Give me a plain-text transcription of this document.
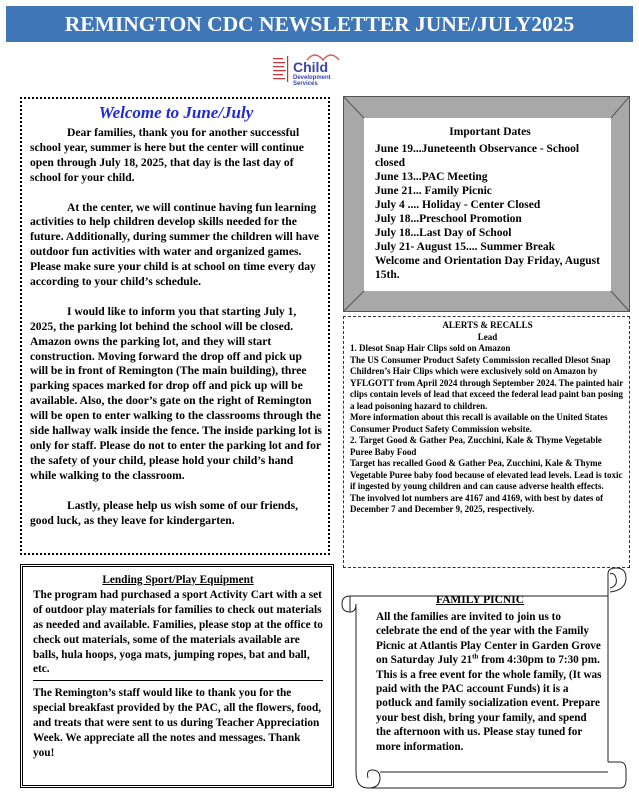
REMINGTON CDC NEWSLETTER JUNE/JULY2025
Child
Development
Services
Welcome to June/July

Dear families, thank you for another successful school year, summer is here but the center will continue open through July 18, 2025, that day is the last day of school for your child.

At the center, we will continue having fun learning activities to help children develop skills needed for the future. Additionally, during summer the children will have outdoor fun activities with water and organized games. Please make sure your child is at school on time every day according to your child’s schedule.

I would like to inform you that starting July 1, 2025, the parking lot behind the school will be closed. Amazon owns the parking lot, and they will start construction. Moving forward the drop off and pick up will be in front of Remington (The main building), three parking spaces marked for drop off and pick up will be available. Also, the door’s gate on the right of Remington will be open to enter walking to the classrooms through the side hallway walk inside the fence. The inside parking lot is only for staff. Please do not to enter the parking lot and for the safety of your child, please hold your child’s hand while walking to the classroom.

Lastly, please help us wish some of our friends, good luck, as they leave for kindergarten.

Important Dates
June 19...Juneteenth Observance - School closed
June 13...PAC Meeting
June 21... Family Picnic
July 4 .... Holiday - Center Closed
July 18...Preschool Promotion
July 18...Last Day of School
July 21- August 15.... Summer Break
Welcome and Orientation Day Friday, August 15th.
ALERTS & RECALLS
Lead
1. Dlesot Snap Hair Clips sold on Amazon
The US Consumer Product Safety Commission recalled Dlesot Snap Children’s Hair Clips which were exclusively sold on Amazon by YFLGOTT from April 2024 through September 2024. The painted hair clips contain levels of lead that exceed the federal lead paint ban posing a lead poisoning hazard to children.
More information about this recall is available on the United States Consumer Product Safety Commission website.
2. Target Good & Gather Pea, Zucchini, Kale & Thyme Vegetable Puree Baby Food
Target has recalled Good & Gather Pea, Zucchini, Kale & Thyme Vegetable Puree baby food because of elevated lead levels. Lead is toxic if ingested by young children and can cause adverse health effects.
The involved lot numbers are 4167 and 4169, with best by dates of December 7 and December 9, 2025, respectively.
Lending Sport/Play Equipment
The program had purchased a sport Activity Cart with a set of outdoor play materials for families to check out materials as needed and available. Families, please stop at the office to check out materials, some of the materials available are balls, hula hoops, yoga mats, jumping ropes, bat and ball, etc.
The Remington’s staff would like to thank you for the special breakfast provided by the PAC, all the flowers, food, and treats that were sent to us during Teacher Appreciation Week. We appreciate all the notes and messages. Thank you!
FAMILY PICNIC
All the families are invited to join us to celebrate the end of the year with the Family Picnic at Atlantis Play Center in Garden Grove on Saturday July 21th from 4:30pm to 7:30 pm. This is a free event for the whole family, (It was paid with the PAC account Funds) it is a potluck and family socialization event. Prepare your best dish, bring your family, and spend the afternoon with us. Please stay tuned for more information.
